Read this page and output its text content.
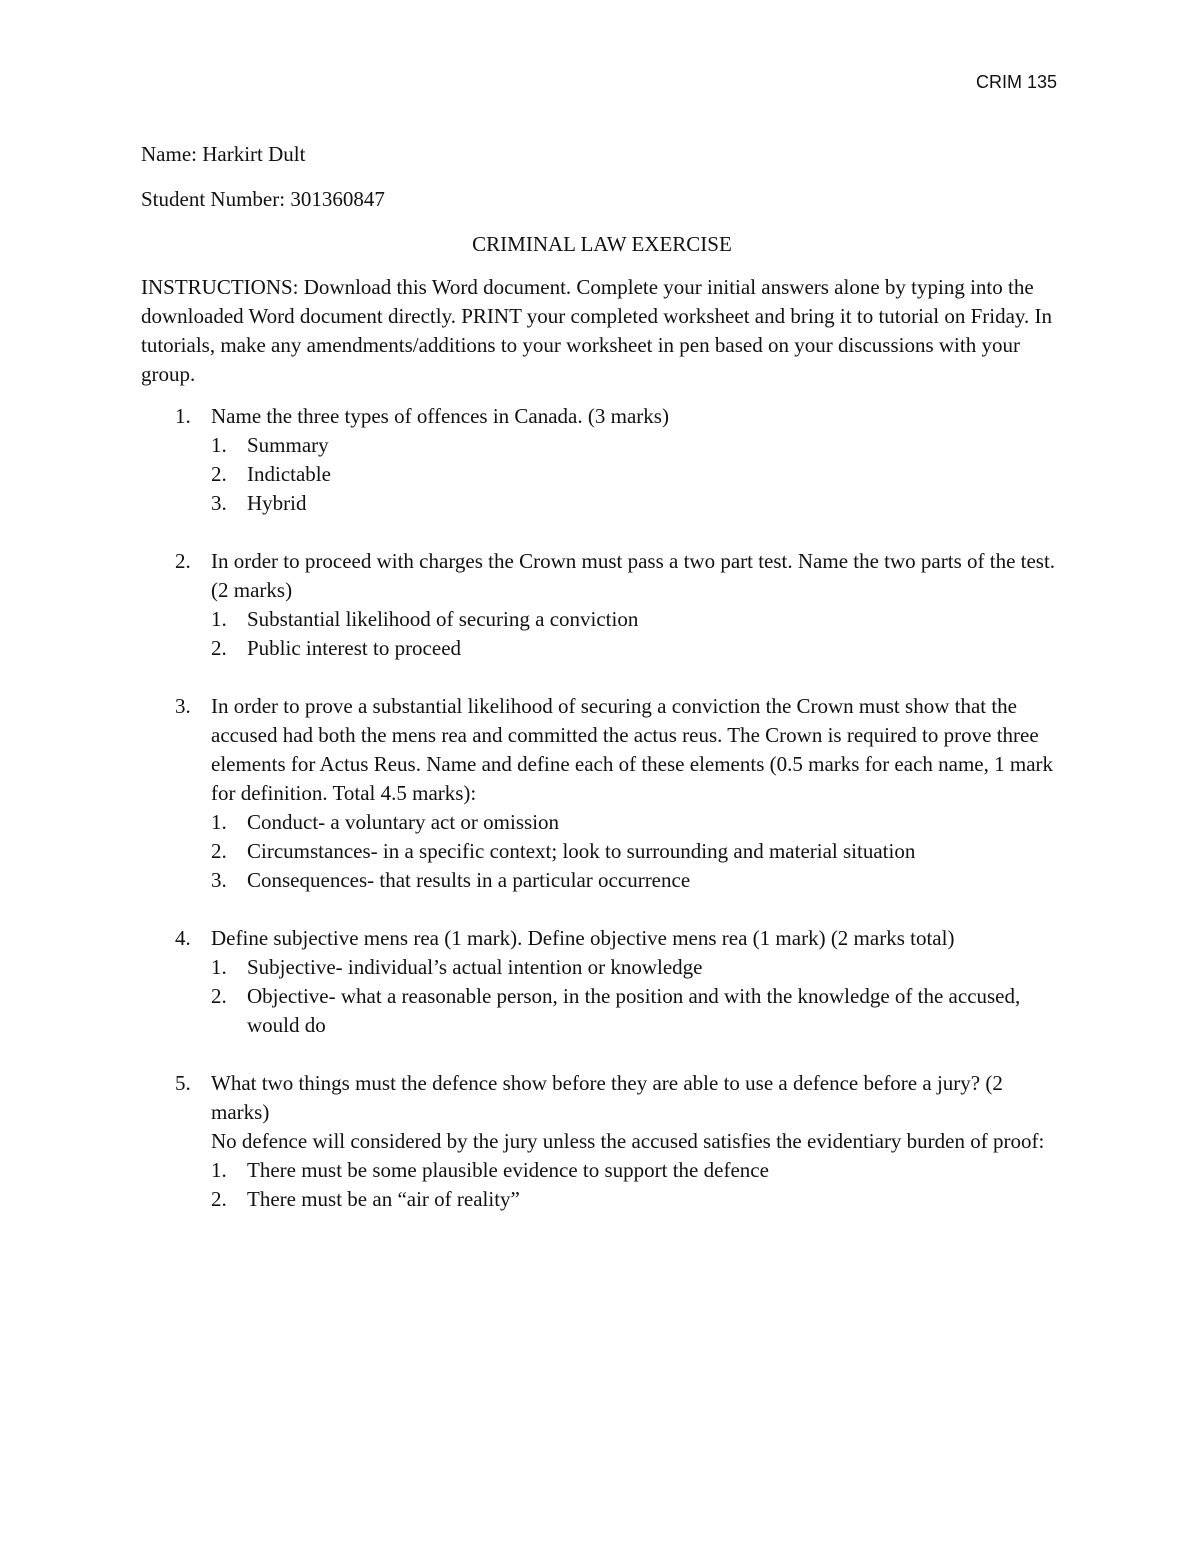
CRIM 135
Name: Harkirt Dult
Student Number: 301360847
CRIMINAL LAW EXERCISE
INSTRUCTIONS: Download this Word document. Complete your initial answers alone by typing into the downloaded Word document directly. PRINT your completed worksheet and bring it to tutorial on Friday. In tutorials, make any amendments/additions to your worksheet in pen based on your discussions with your group.
1. Name the three types of offences in Canada. (3 marks)
1. Summary
2. Indictable
3. Hybrid
2. In order to proceed with charges the Crown must pass a two part test. Name the two parts of the test. (2 marks)
1. Substantial likelihood of securing a conviction
2. Public interest to proceed
3. In order to prove a substantial likelihood of securing a conviction the Crown must show that the accused had both the mens rea and committed the actus reus. The Crown is required to prove three elements for Actus Reus. Name and define each of these elements (0.5 marks for each name, 1 mark for definition. Total 4.5 marks):
1. Conduct- a voluntary act or omission
2. Circumstances- in a specific context; look to surrounding and material situation
3. Consequences- that results in a particular occurrence
4. Define subjective mens rea (1 mark). Define objective mens rea (1 mark) (2 marks total)
1. Subjective- individual’s actual intention or knowledge
2. Objective- what a reasonable person, in the position and with the knowledge of the accused, would do
5. What two things must the defence show before they are able to use a defence before a jury? (2 marks)
No defence will considered by the jury unless the accused satisfies the evidentiary burden of proof:
1. There must be some plausible evidence to support the defence
2. There must be an “air of reality”
